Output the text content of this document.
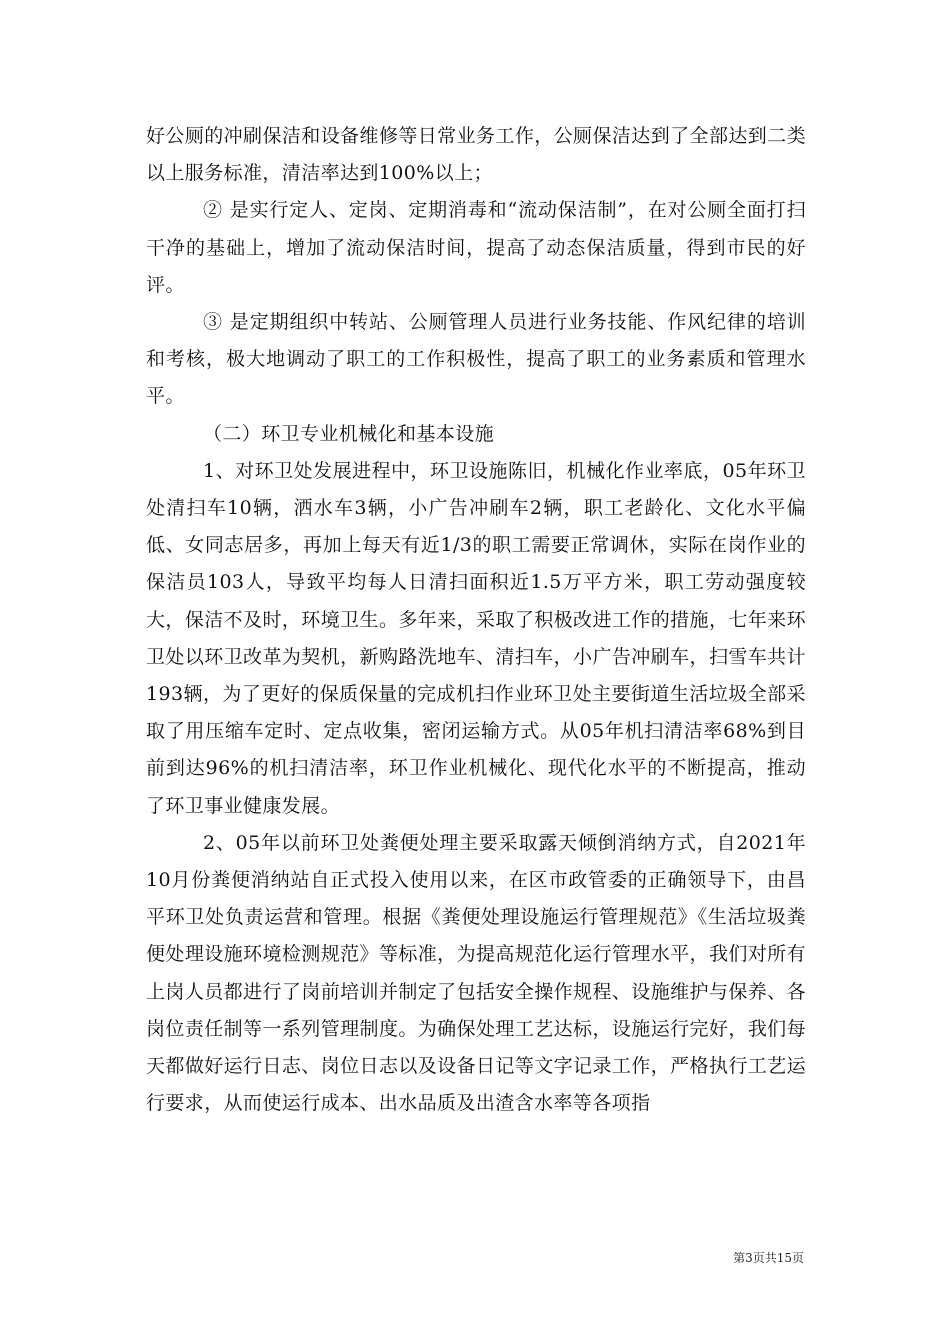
好公厕的冲刷保洁和设备维修等日常业务工作，公厕保洁达到了全部达到二类以上服务标准，清洁率达到100%以上；

② 是实行定人、定岗、定期消毒和“流动保洁制”，在对公厕全面打扫干净的基础上，增加了流动保洁时间，提高了动态保洁质量，得到市民的好评。

③ 是定期组织中转站、公厕管理人员进行业务技能、作风纪律的培训和考核，极大地调动了职工的工作积极性，提高了职工的业务素质和管理水平。

（二）环卫专业机械化和基本设施

1、对环卫处发展进程中，环卫设施陈旧，机械化作业率底，05年环卫处清扫车10辆，洒水车3辆，小广告冲刷车2辆，职工老龄化、文化水平偏低、女同志居多，再加上每天有近1/3的职工需要正常调休，实际在岗作业的保洁员103人，导致平均每人日清扫面积近1.5万平方米，职工劳动强度较大，保洁不及时，环境卫生。多年来，采取了积极改进工作的措施，七年来环卫处以环卫改革为契机，新购路洗地车、清扫车，小广告冲刷车，扫雪车共计193辆，为了更好的保质保量的完成机扫作业环卫处主要街道生活垃圾全部采取了用压缩车定时、定点收集，密闭运输方式。从05年机扫清洁率68%到目前到达96%的机扫清洁率，环卫作业机械化、现代化水平的不断提高，推动了环卫事业健康发展。

2、05年以前环卫处粪便处理主要采取露天倾倒消纳方式，自2021年10月份粪便消纳站自正式投入使用以来，在区市政管委的正确领导下，由昌平环卫处负责运营和管理。根据《粪便处理设施运行管理规范》《生活垃圾粪便处理设施环境检测规范》等标准，为提高规范化运行管理水平，我们对所有上岗人员都进行了岗前培训并制定了包括安全操作规程、设施维护与保养、各岗位责任制等一系列管理制度。为确保处理工艺达标，设施运行完好，我们每天都做好运行日志、岗位日志以及设备日记等文字记录工作，严格执行工艺运行要求，从而使运行成本、出水品质及出渣含水率等各项指

第3页共15页
